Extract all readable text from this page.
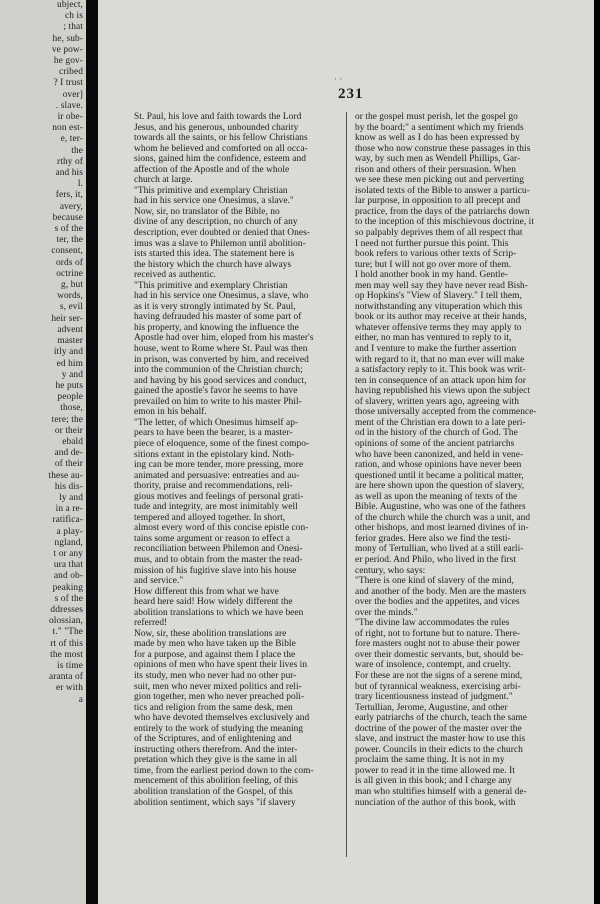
ubject,
ch is
; that
he, sub-
ve pow-
he gov-
cribed
? I trust
over]
. slave.
ir obe-
non est-
e, ter-
the
rthy of
and his
l.
fers, it,
avery,
because
s of the
ter, the
consent,
ords of
octrine
g, but
words,
s, evil
heir ser-
advent
master
itly and
ed him
y and
he puts
people
those,
tere; the
or their
ebald
and de-
of their
these au-
his dis-
ly and
in a re-
ratifica-
a play-
ngland,
t or any
ura that
and ob-
peaking
s of the
ddresses
olossian,
t." "The
rt of this
the most
is time
aranta of
er with
a
· ·
231
St. Paul, his love and faith towards the Lord
Jesus, and his generous, unbounded charity
towards all the saints, or his fellow Christians
whom he believed and comforted on all occa-
sions, gained him the confidence, esteem and
affection of the Apostle and of the whole
church at large.
"This primitive and exemplary Christian
had in his service one Onesimus, a slave."
Now, sir, no translator of the Bible, no
divine of any description, no church of any
description, ever doubted or denied that Ones-
imus was a slave to Philemon until abolition-
ists started this idea. The statement here is
the history which the church have always
received as authentic.
"This primitive and exemplary Christian
had in his service one Onesimus, a slave, who
as it is very strongly intimated by St. Paul,
having defrauded his master of some part of
his property, and knowing the influence the
Apostle had over him, eloped from his master's
house, went to Rome where St. Paul was then
in prison, was converted by him, and received
into the communion of the Christian church;
and having by his good services and conduct,
gained the apostle's favor he seems to have
prevailed on him to write to his master Phil-
emon in his behalf.
"The letter, of which Onesimus himself ap-
pears to have been the bearer, is a master-
piece of eloquence, some of the finest compo-
sitions extant in the epistolary kind. Noth-
ing can be more tender, more pressing, more
animated and persuasive: entreaties and au-
thority, praise and recommendations, reli-
gious motives and feelings of personal grati-
tude and integrity, are most inimitably well
tempered and alloyed together. In short,
almost every word of this concise epistle con-
tains some argument or reason to effect a
reconciliation between Philemon and Onesi-
mus, and to obtain from the master the read-
mission of his fugitive slave into his house
and service."
How different this from what we have
heard here said! How widely different the
abolition translations to which we have been
referred!
Now, sir, these abolition translations are
made by men who have taken up the Bible
for a purpose, and against them I place the
opinions of men who have spent their lives in
its study, men who never had no other pur-
suit, men who never mixed politics and reli-
gion together, men who never preached poli-
tics and religion from the same desk, men
who have devoted themselves exclusively and
entirely to the work of studying the meaning
of the Scriptures, and of enlightening and
instructing others therefrom. And the inter-
pretation which they give is the same in all
time, from the earliest period down to the com-
mencement of this abolition feeling, of this
abolition translation of the Gospel, of this
abolition sentiment, which says "if slavery
or the gospel must perish, let the gospel go
by the board;" a sentiment which my friends
know as well as I do has been expressed by
those who now construe these passages in this
way, by such men as Wendell Phillips, Gar-
rison and others of their persuasion. When
we see these men picking out and perverting
isolated texts of the Bible to answer a particu-
lar purpose, in opposition to all precept and
practice, from the days of the patriarchs down
to the inception of this mischievous doctrine, it
so palpably deprives them of all respect that
I need not further pursue this point. This
book refers to various other texts of Scrip-
ture; but I will not go over more of them.
I hold another book in my hand. Gentle-
men may well say they have never read Bish-
op Hopkins's "View of Slavery." I tell them,
notwithstanding any vituperation which this
book or its author may receive at their hands,
whatever offensive terms they may apply to
either, no man has ventured to reply to it,
and I venture to make the further assertion
with regard to it, that no man ever will make
a satisfactory reply to it. This book was writ-
ten in consequence of an attack upon him for
having republished his views upon the subject
of slavery, written years ago, agreeing with
those universally accepted from the commence-
ment of the Christian era down to a late peri-
od in the history of the church of God. The
opinions of some of the ancient patriarchs
who have been canonized, and held in vene-
ration, and whose opinions have never been
questioned until it became a political matter,
are here shown upon the question of slavery,
as well as upon the meaning of texts of the
Bible. Augustine, who was one of the fathers
of the church while the church was a unit, and
other bishops, and most learned divines of in-
ferior grades. Here also we find the testi-
mony of Tertullian, who lived at a still earli-
er period. And Philo, who lived in the first
century, who says:
"There is one kind of slavery of the mind,
and another of the body. Men are the masters
over the bodies and the appetites, and vices
over the minds."
"The divine law accommodates the rules
of right, not to fortune but to nature. There-
fore masters ought not to abuse their power
over their domestic servants, but, should be-
ware of insolence, contempt, and cruelty.
For these are not the signs of a serene mind,
but of tyrannical weakness, exercising arbi-
trary licentiousness instead of judgment."
Tertullian, Jerome, Augustine, and other
early patriarchs of the church, teach the same
doctrine of the power of the master over the
slave, and instruct the master how to use this
power. Councils in their edicts to the church
proclaim the same thing. It is not in my
power to read it in the time allowed me. It
is all given in this book; and I charge any
man who stultifies himself with a general de-
nunciation of the author of this book, with
